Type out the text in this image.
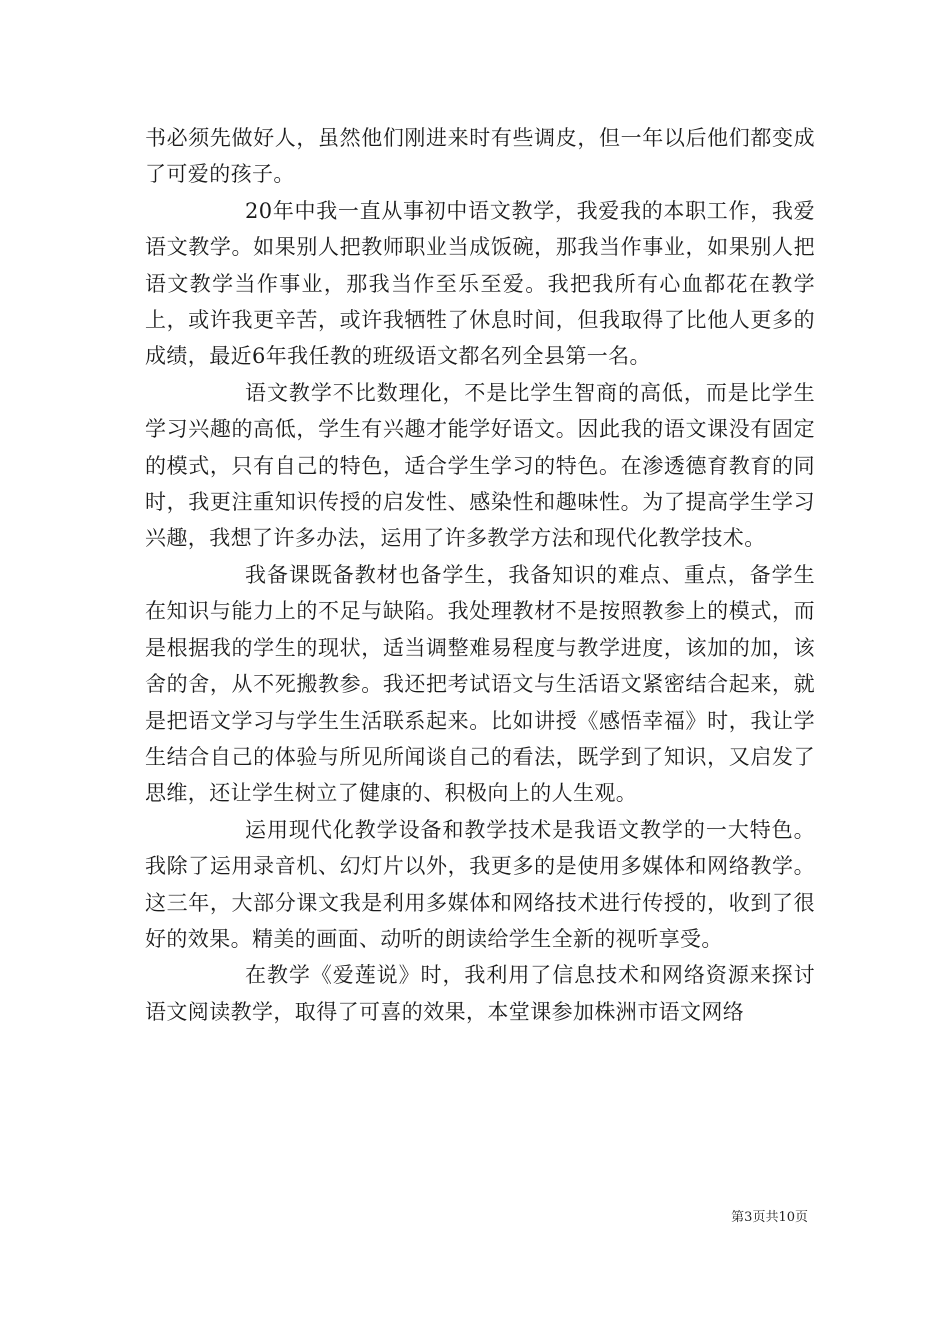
书必须先做好人，虽然他们刚进来时有些调皮，但一年以后他们都变成了可爱的孩子。

20年中我一直从事初中语文教学，我爱我的本职工作，我爱语文教学。如果别人把教师职业当成饭碗，那我当作事业，如果别人把语文教学当作事业，那我当作至乐至爱。我把我所有心血都花在教学上，或许我更辛苦，或许我牺牲了休息时间，但我取得了比他人更多的成绩，最近6年我任教的班级语文都名列全县第一名。

语文教学不比数理化，不是比学生智商的高低，而是比学生学习兴趣的高低，学生有兴趣才能学好语文。因此我的语文课没有固定的模式，只有自己的特色，适合学生学习的特色。在渗透德育教育的同时，我更注重知识传授的启发性、感染性和趣味性。为了提高学生学习兴趣，我想了许多办法，运用了许多教学方法和现代化教学技术。

我备课既备教材也备学生，我备知识的难点、重点，备学生在知识与能力上的不足与缺陷。我处理教材不是按照教参上的模式，而是根据我的学生的现状，适当调整难易程度与教学进度，该加的加，该舍的舍，从不死搬教参。我还把考试语文与生活语文紧密结合起来，就是把语文学习与学生生活联系起来。比如讲授《感悟幸福》时，我让学生结合自己的体验与所见所闻谈自己的看法，既学到了知识，又启发了思维，还让学生树立了健康的、积极向上的人生观。

运用现代化教学设备和教学技术是我语文教学的一大特色。我除了运用录音机、幻灯片以外，我更多的是使用多媒体和网络教学。这三年，大部分课文我是利用多媒体和网络技术进行传授的，收到了很好的效果。精美的画面、动听的朗读给学生全新的视听享受。

在教学《爱莲说》时，我利用了信息技术和网络资源来探讨语文阅读教学，取得了可喜的效果，本堂课参加株洲市语文网络

第3页共10页
